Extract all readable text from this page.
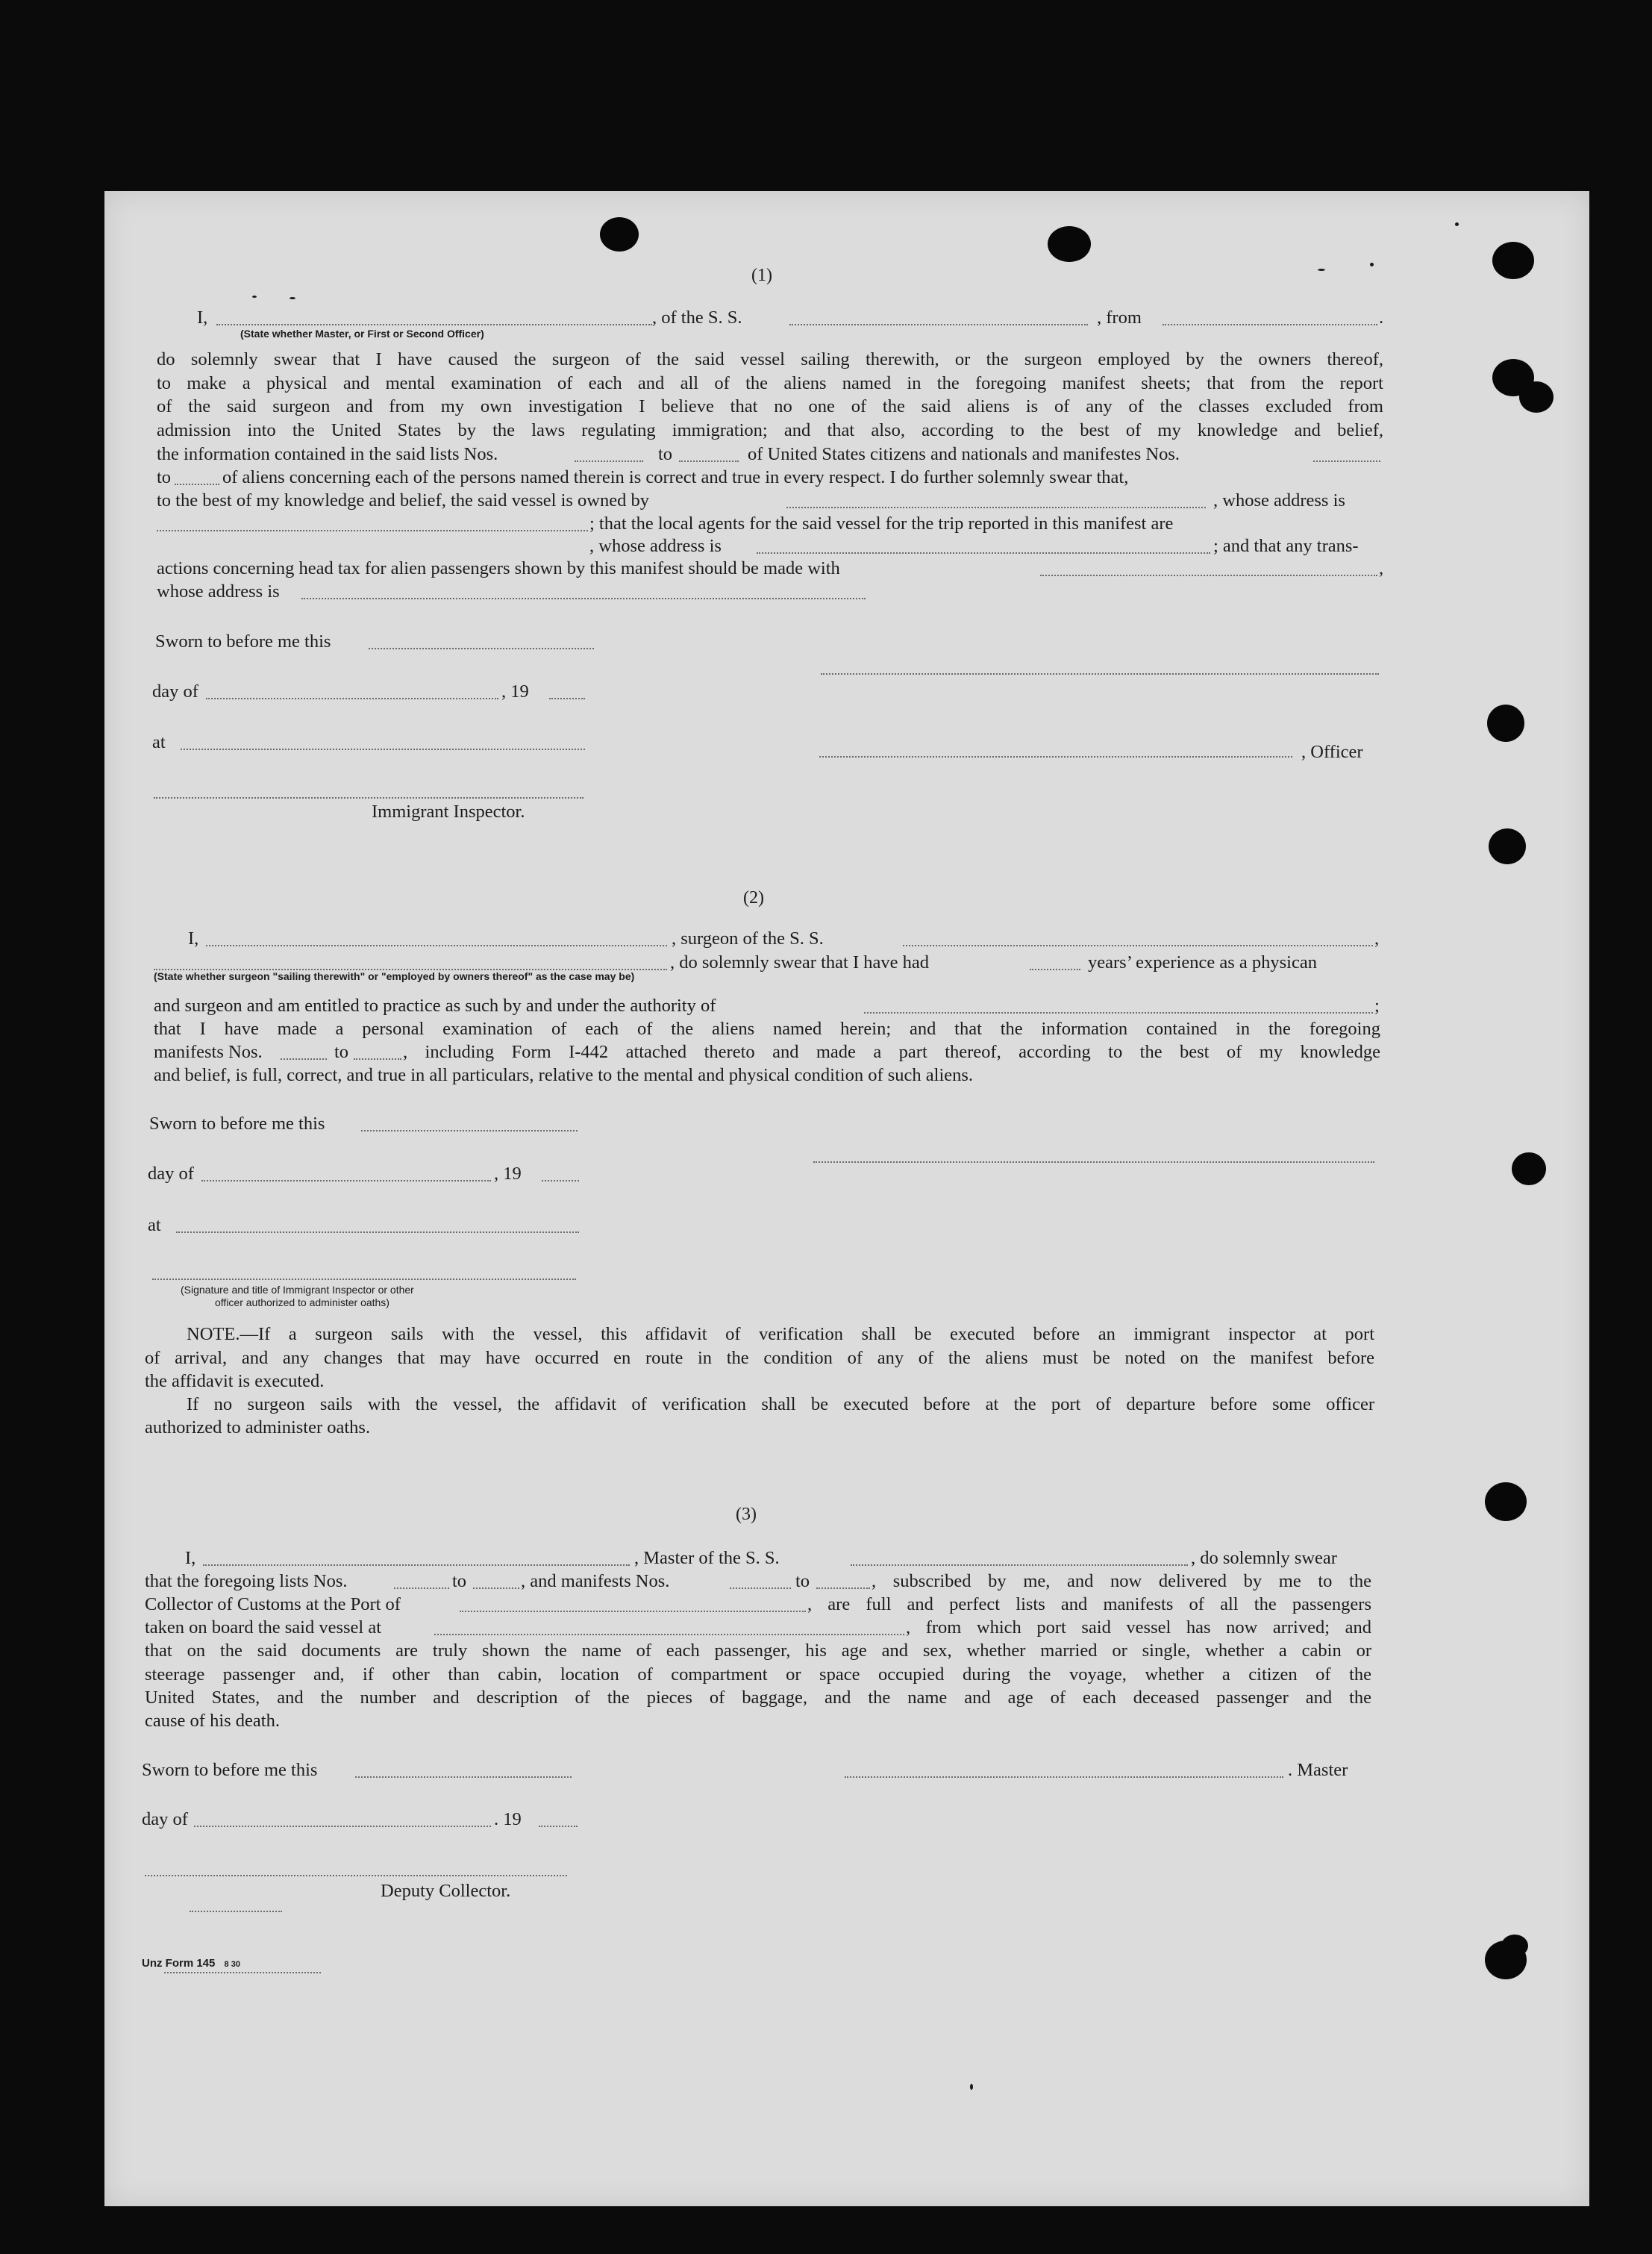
(1)
I,	, of the S. S.	, from	.
(State whether Master, or First or Second Officer)
do solemnly swear that I have caused the surgeon of the said vessel sailing therewith, or the surgeon employed by the owners thereof,
to make a physical and mental examination of each and all of the aliens named in the foregoing manifest sheets; that from the report
of the said surgeon and from my own investigation I believe that no one of the said aliens is of any of the classes excluded from
admission into the United States by the laws regulating immigration; and that also, according to the best of my knowledge and belief,
the information contained in the said lists Nos.	to	of United States citizens and nationals and manifestes Nos.
to	of aliens concerning each of the persons named therein is correct and true in every respect. I do further solemnly swear that,
to the best of my knowledge and belief, the said vessel is owned by	, whose address is
; that the local agents for the said vessel for the trip reported in this manifest are
, whose address is	; and that any trans-
actions concerning head tax for alien passengers shown by this manifest should be made with	,
whose address is
Sworn to before me this
day of	, 19
at	, Officer
Immigrant Inspector.
(2)
I,	, surgeon of the S. S.	,
, do solemnly swear that I have had	years’ experience as a physican
(State whether surgeon "sailing therewith" or "employed by owners thereof" as the case may be)
and surgeon and am entitled to practice as such by and under the authority of	;
that I have made a personal examination of each of the aliens named herein; and that the information contained in the foregoing
manifests Nos.	to	, including Form I-442 attached thereto and made a part thereof, according to the best of my knowledge
and belief, is full, correct, and true in all particulars, relative to the mental and physical condition of such aliens.
Sworn to before me this
day of	, 19
at
(Signature and title of Immigrant Inspector or other
officer authorized to administer oaths)
NOTE.—If a surgeon sails with the vessel, this affidavit of verification shall be executed before an immigrant inspector at port
of arrival, and any changes that may have occurred en route in the condition of any of the aliens must be noted on the manifest before
the affidavit is executed.
If no surgeon sails with the vessel, the affidavit of verification shall be executed before at the port of departure before some officer
authorized to administer oaths.
(3)
I,	, Master of the S. S.	, do solemnly swear
that the foregoing lists Nos.	to	, and manifests Nos.	to	, subscribed by me, and now delivered by me to the
Collector of Customs at the Port of	, are full and perfect lists and manifests of all the passengers
taken on board the said vessel at	, from which port said vessel has now arrived; and
that on the said documents are truly shown the name of each passenger, his age and sex, whether married or single, whether a cabin or
steerage passenger and, if other than cabin, location of compartment or space occupied during the voyage, whether a citizen of the
United States, and the number and description of the pieces of baggage, and the name and age of each deceased passenger and the
cause of his death.
Sworn to before me this	. Master
day of	. 19
Deputy Collector.
Unz Form 145 8 30
